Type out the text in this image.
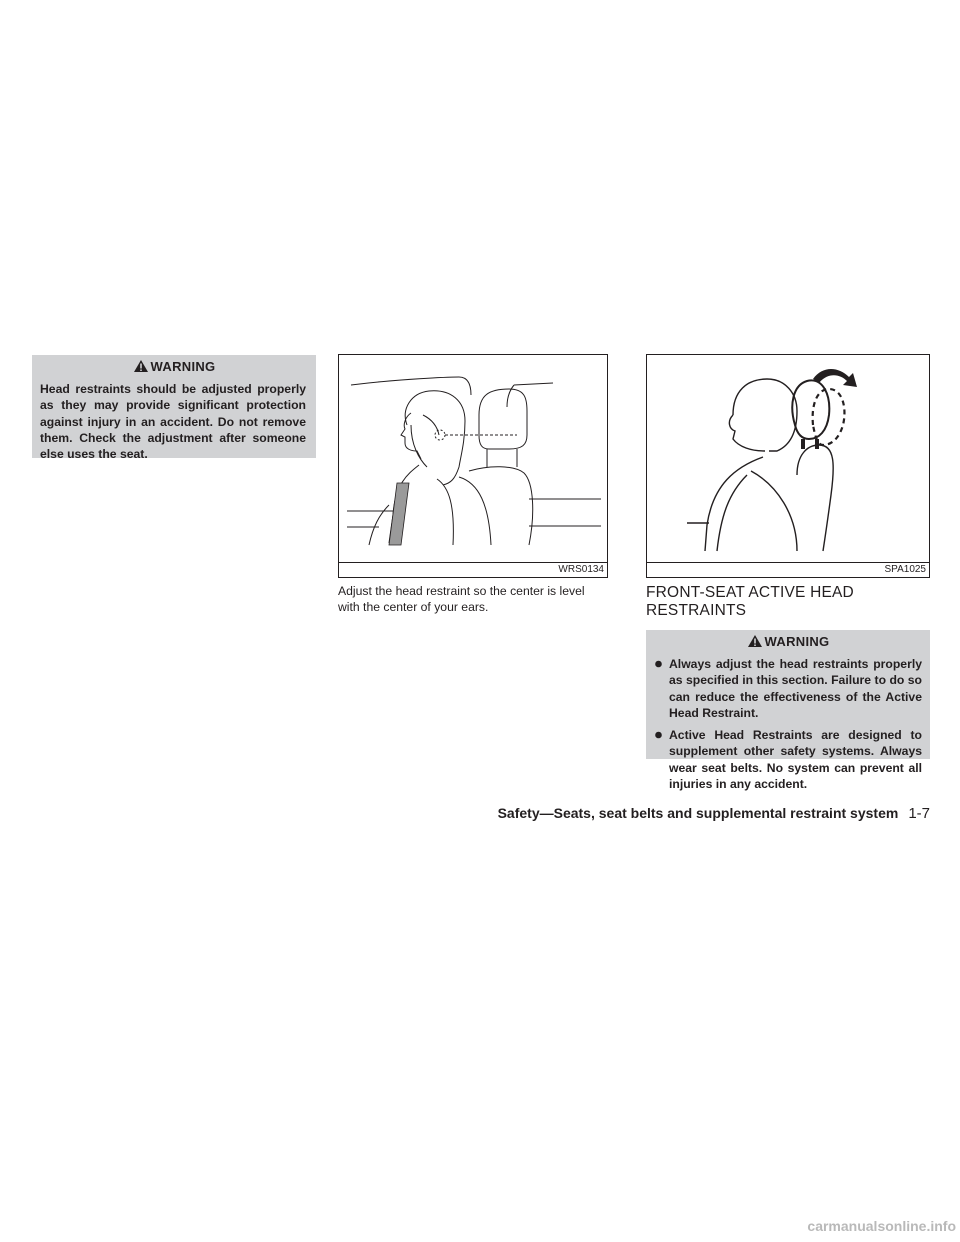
WARNING
Head restraints should be adjusted properly as they may provide significant protection against injury in an accident. Do not remove them. Check the adjustment after someone else uses the seat.
WRS0134	SPA1025
Adjust the head restraint so the center is level with the center of your ears.
FRONT-SEAT ACTIVE HEAD RESTRAINTS
WARNING
Always adjust the head restraints properly as specified in this section. Failure to do so can reduce the effectiveness of the Active Head Restraint.
Active Head Restraints are designed to supplement other safety systems. Always wear seat belts. No system can prevent all injuries in any accident.
Safety—Seats, seat belts and supplemental restraint system 1-7
carmanualsonline.info
